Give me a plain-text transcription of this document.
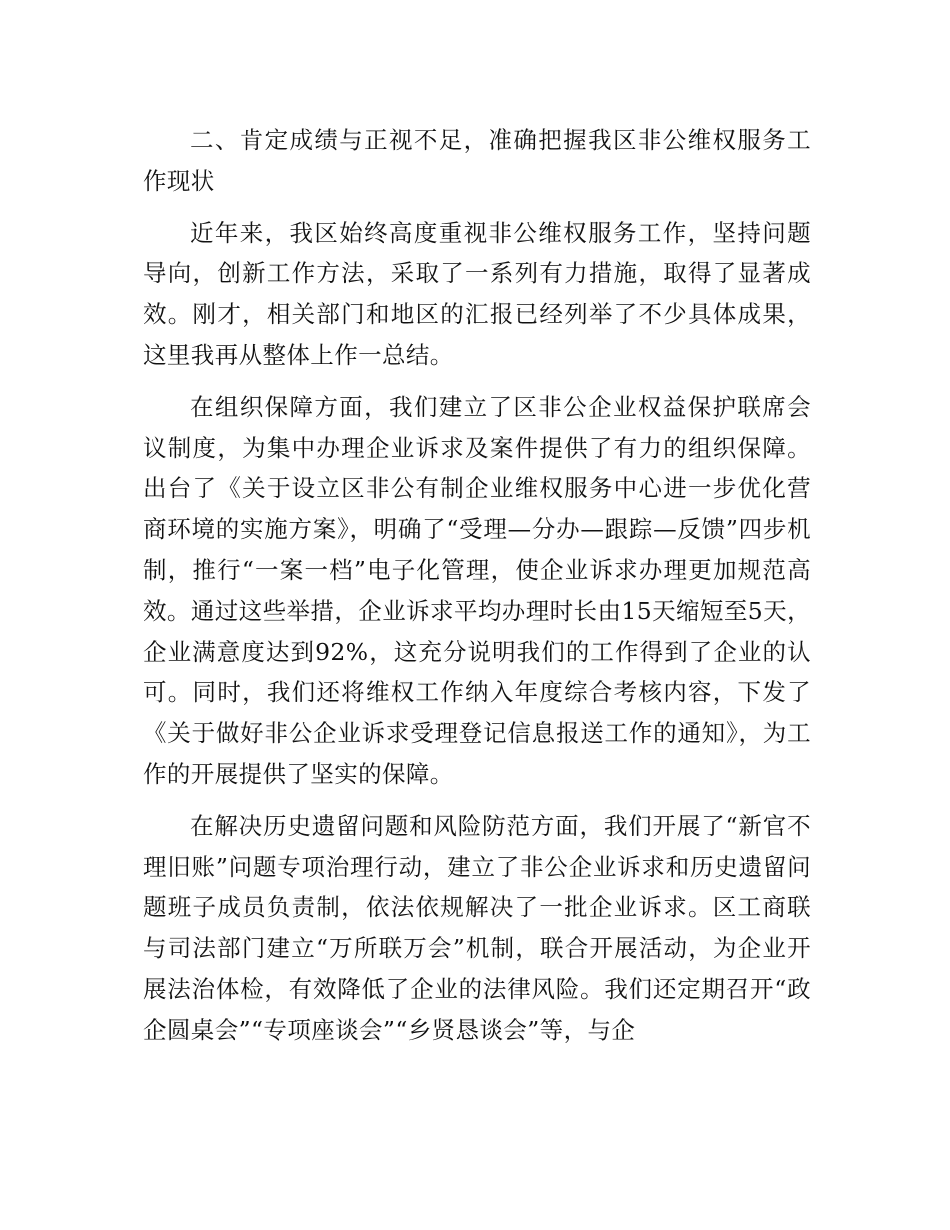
二、肯定成绩与正视不足，准确把握我区非公维权服务工作现状

近年来，我区始终高度重视非公维权服务工作，坚持问题导向，创新工作方法，采取了一系列有力措施，取得了显著成效。刚才，相关部门和地区的汇报已经列举了不少具体成果，这里我再从整体上作一总结。

在组织保障方面，我们建立了区非公企业权益保护联席会议制度，为集中办理企业诉求及案件提供了有力的组织保障。出台了《关于设立区非公有制企业维权服务中心进一步优化营商环境的实施方案》，明确了“受理—分办—跟踪—反馈”四步机制，推行“一案一档”电子化管理，使企业诉求办理更加规范高效。通过这些举措，企业诉求平均办理时长由15天缩短至5天，企业满意度达到92%，这充分说明我们的工作得到了企业的认可。同时，我们还将维权工作纳入年度综合考核内容，下发了《关于做好非公企业诉求受理登记信息报送工作的通知》，为工作的开展提供了坚实的保障。

在解决历史遗留问题和风险防范方面，我们开展了“新官不理旧账”问题专项治理行动，建立了非公企业诉求和历史遗留问题班子成员负责制，依法依规解决了一批企业诉求。区工商联与司法部门建立“万所联万会”机制，联合开展活动，为企业开展法治体检，有效降低了企业的法律风险。我们还定期召开“政企圆桌会”“专项座谈会”“乡贤恳谈会”等，与企
